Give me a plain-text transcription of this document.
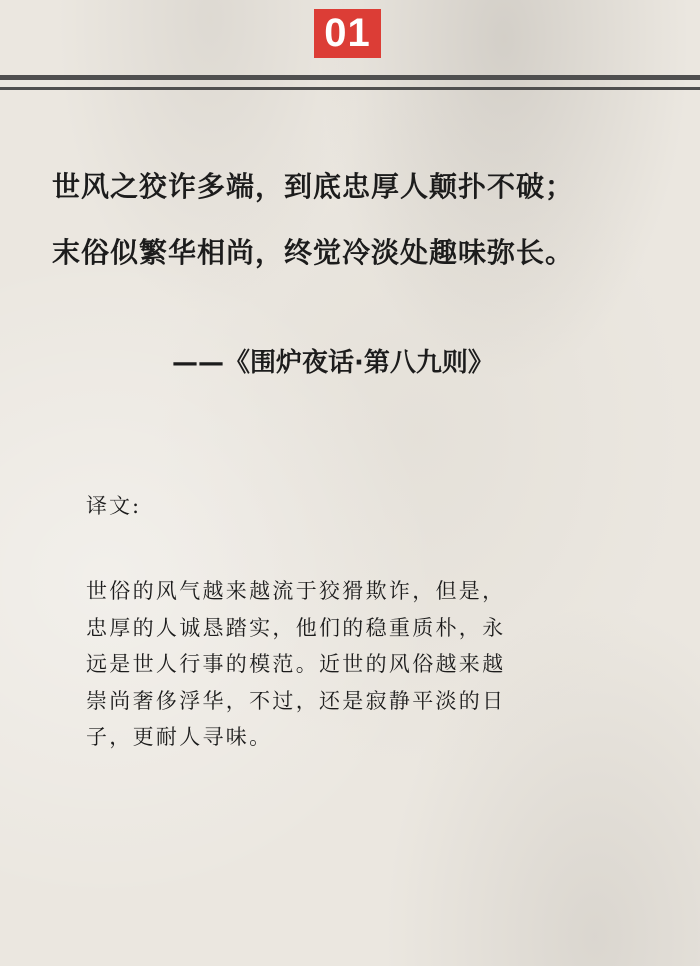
01
世风之狡诈多端，到底忠厚人颠扑不破；
末俗似繁华相尚，终觉冷淡处趣味弥长。
——《围炉夜话·第八九则》
译文:
世俗的风气越来越流于狡猾欺诈，但是，
忠厚的人诚恳踏实，他们的稳重质朴，永
远是世人行事的模范。近世的风俗越来越
崇尚奢侈浮华，不过，还是寂静平淡的日
子，更耐人寻味。
